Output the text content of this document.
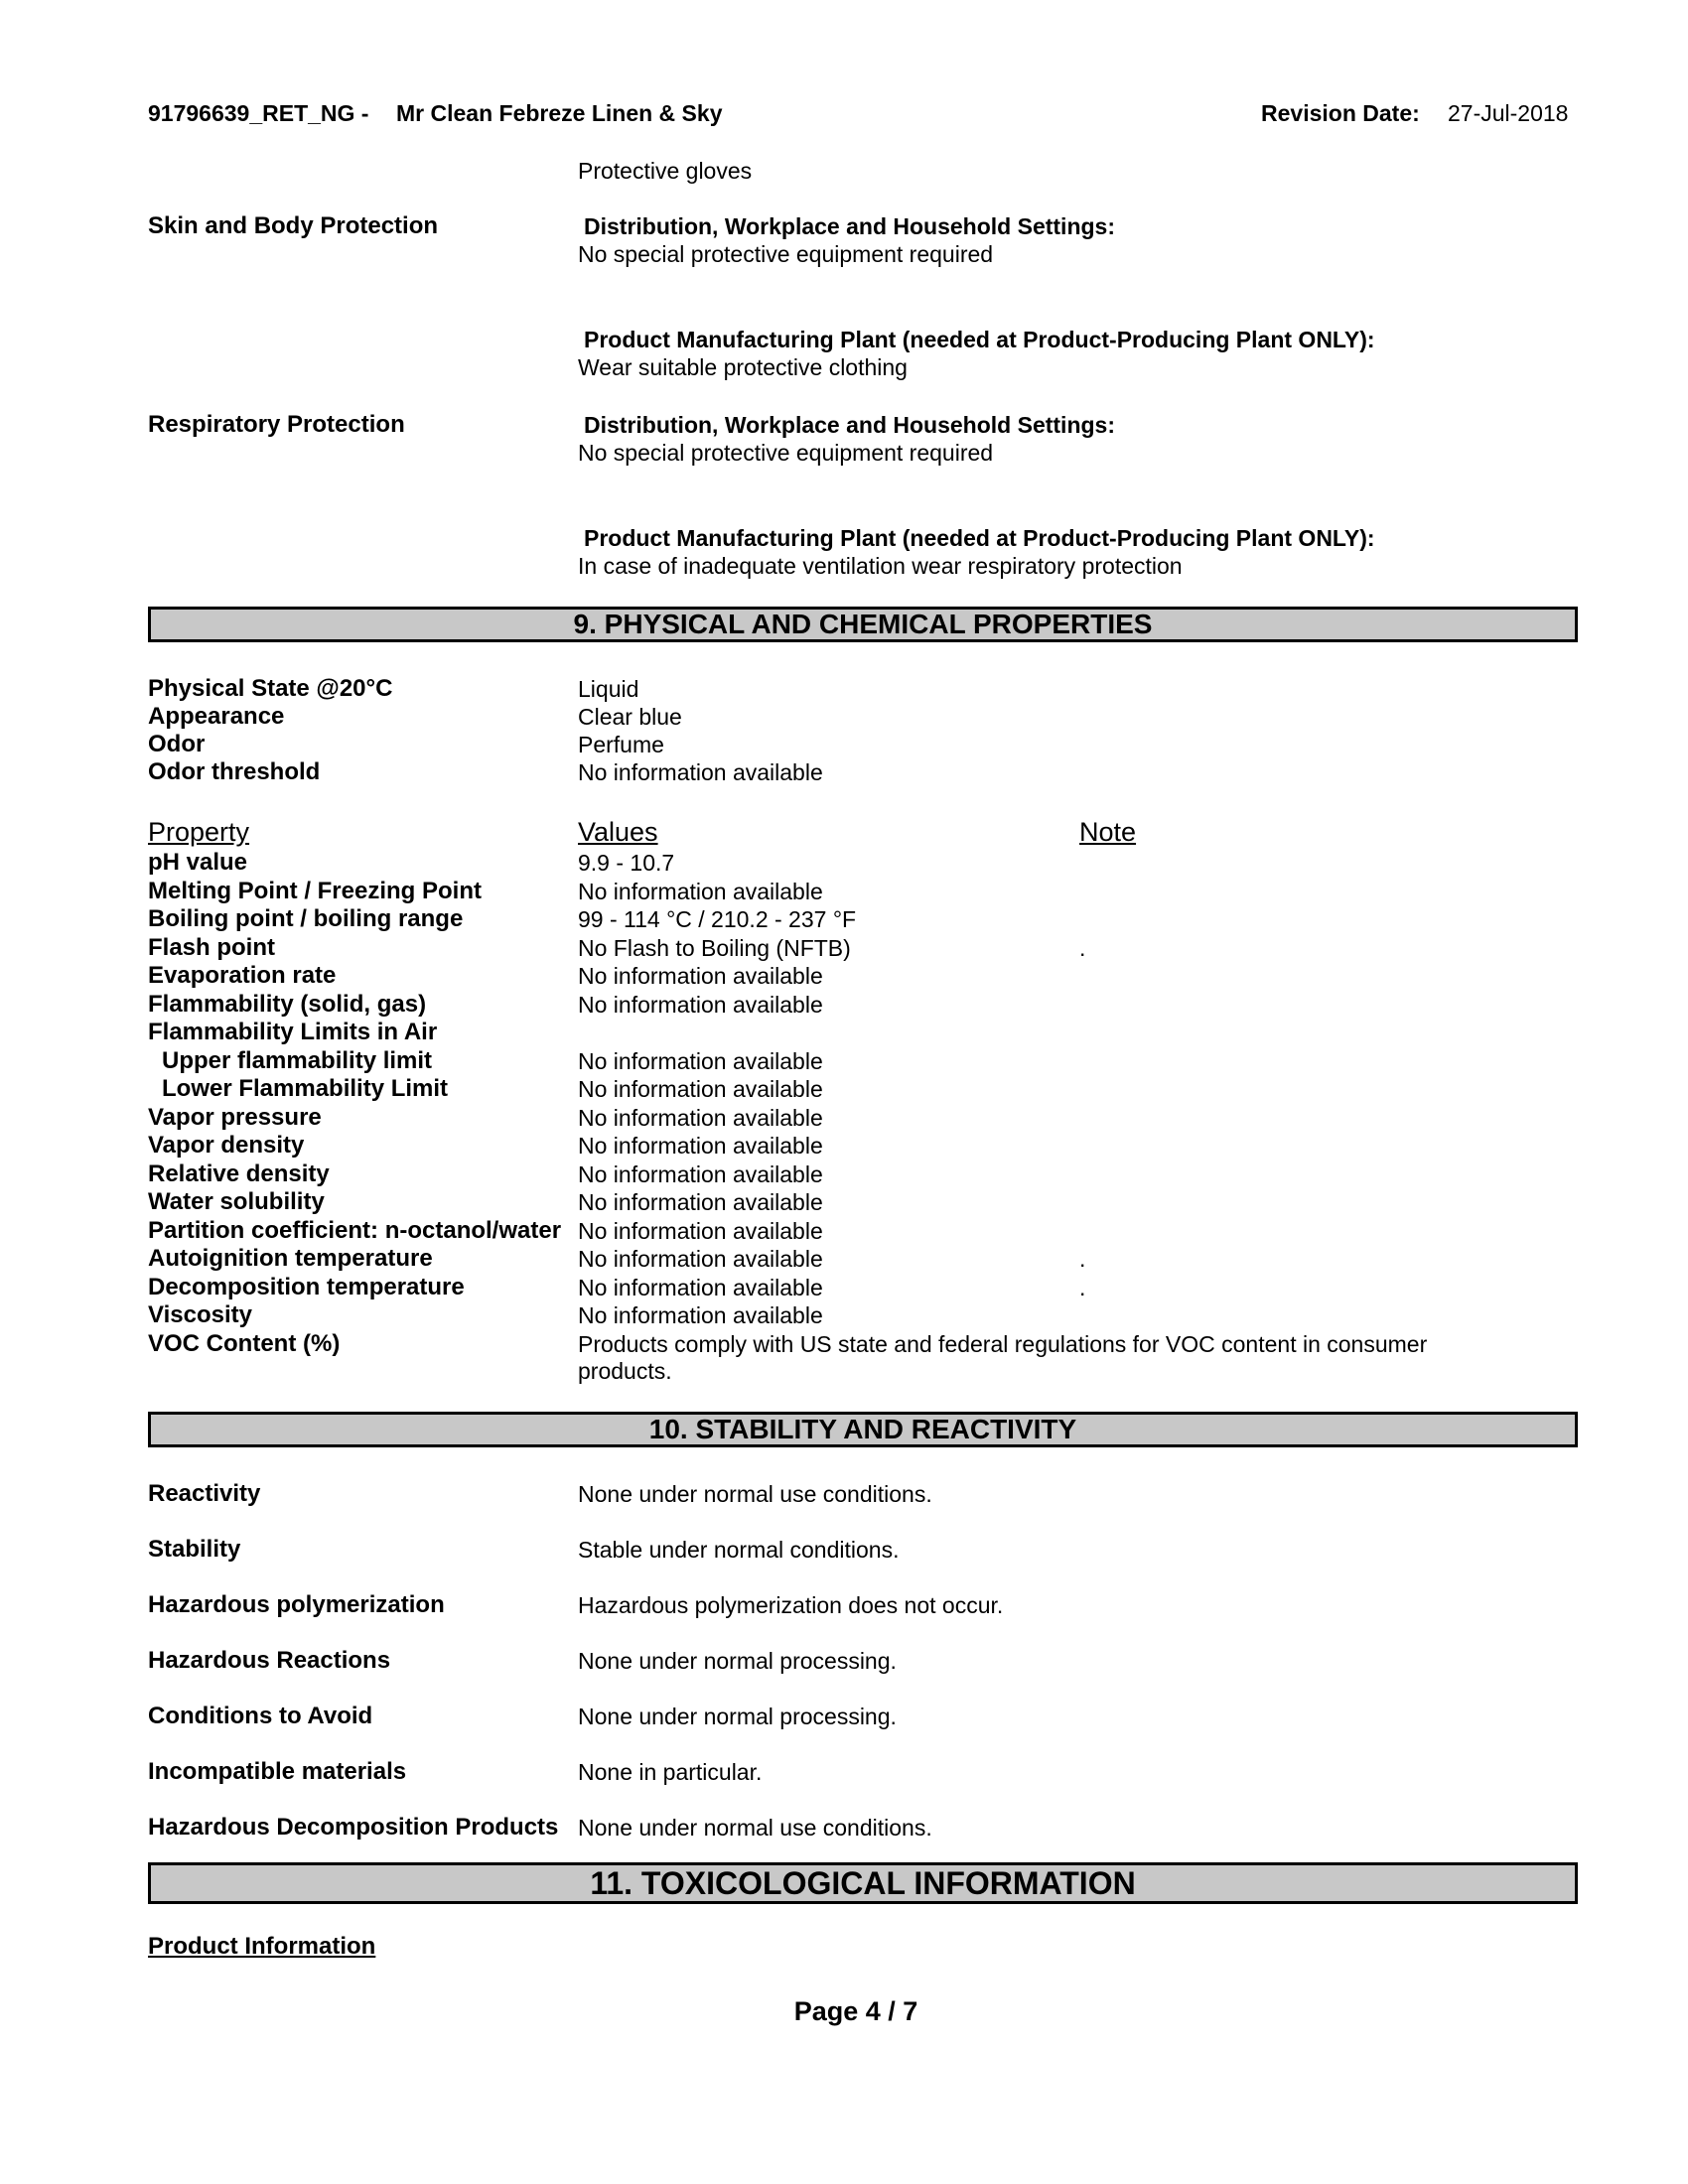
91796639_RET_NG - Mr Clean Febreze Linen & Sky	Revision Date: 27-Jul-2018
Protective gloves
Skin and Body Protection	Distribution, Workplace and Household Settings:
No special protective equipment required
Product Manufacturing Plant (needed at Product-Producing Plant ONLY):
Wear suitable protective clothing
Respiratory Protection	Distribution, Workplace and Household Settings:
No special protective equipment required
Product Manufacturing Plant (needed at Product-Producing Plant ONLY):
In case of inadequate ventilation wear respiratory protection
9. PHYSICAL AND CHEMICAL PROPERTIES
Physical State @20°C	Liquid
Appearance	Clear blue
Odor	Perfume
Odor threshold	No information available
Property	Values	Note
pH value	9.9 - 10.7
Melting Point / Freezing Point	No information available
Boiling point / boiling range	99 - 114 °C / 210.2 - 237 °F
Flash point	No Flash to Boiling (NFTB)	.
Evaporation rate	No information available
Flammability (solid, gas)	No information available
Flammability Limits in Air
Upper flammability limit	No information available
Lower Flammability Limit	No information available
Vapor pressure	No information available
Vapor density	No information available
Relative density	No information available
Water solubility	No information available
Partition coefficient: n-octanol/water No information available
Autoignition temperature	No information available	.
Decomposition temperature	No information available	.
Viscosity	No information available
VOC Content (%)	Products comply with US state and federal regulations for VOC content in consumer
products.
10. STABILITY AND REACTIVITY
Reactivity	None under normal use conditions.
Stability	Stable under normal conditions.
Hazardous polymerization	Hazardous polymerization does not occur.
Hazardous Reactions	None under normal processing.
Conditions to Avoid	None under normal processing.
Incompatible materials	None in particular.
Hazardous Decomposition Products None under normal use conditions.
11. TOXICOLOGICAL INFORMATION
Product Information
Page 4 / 7
